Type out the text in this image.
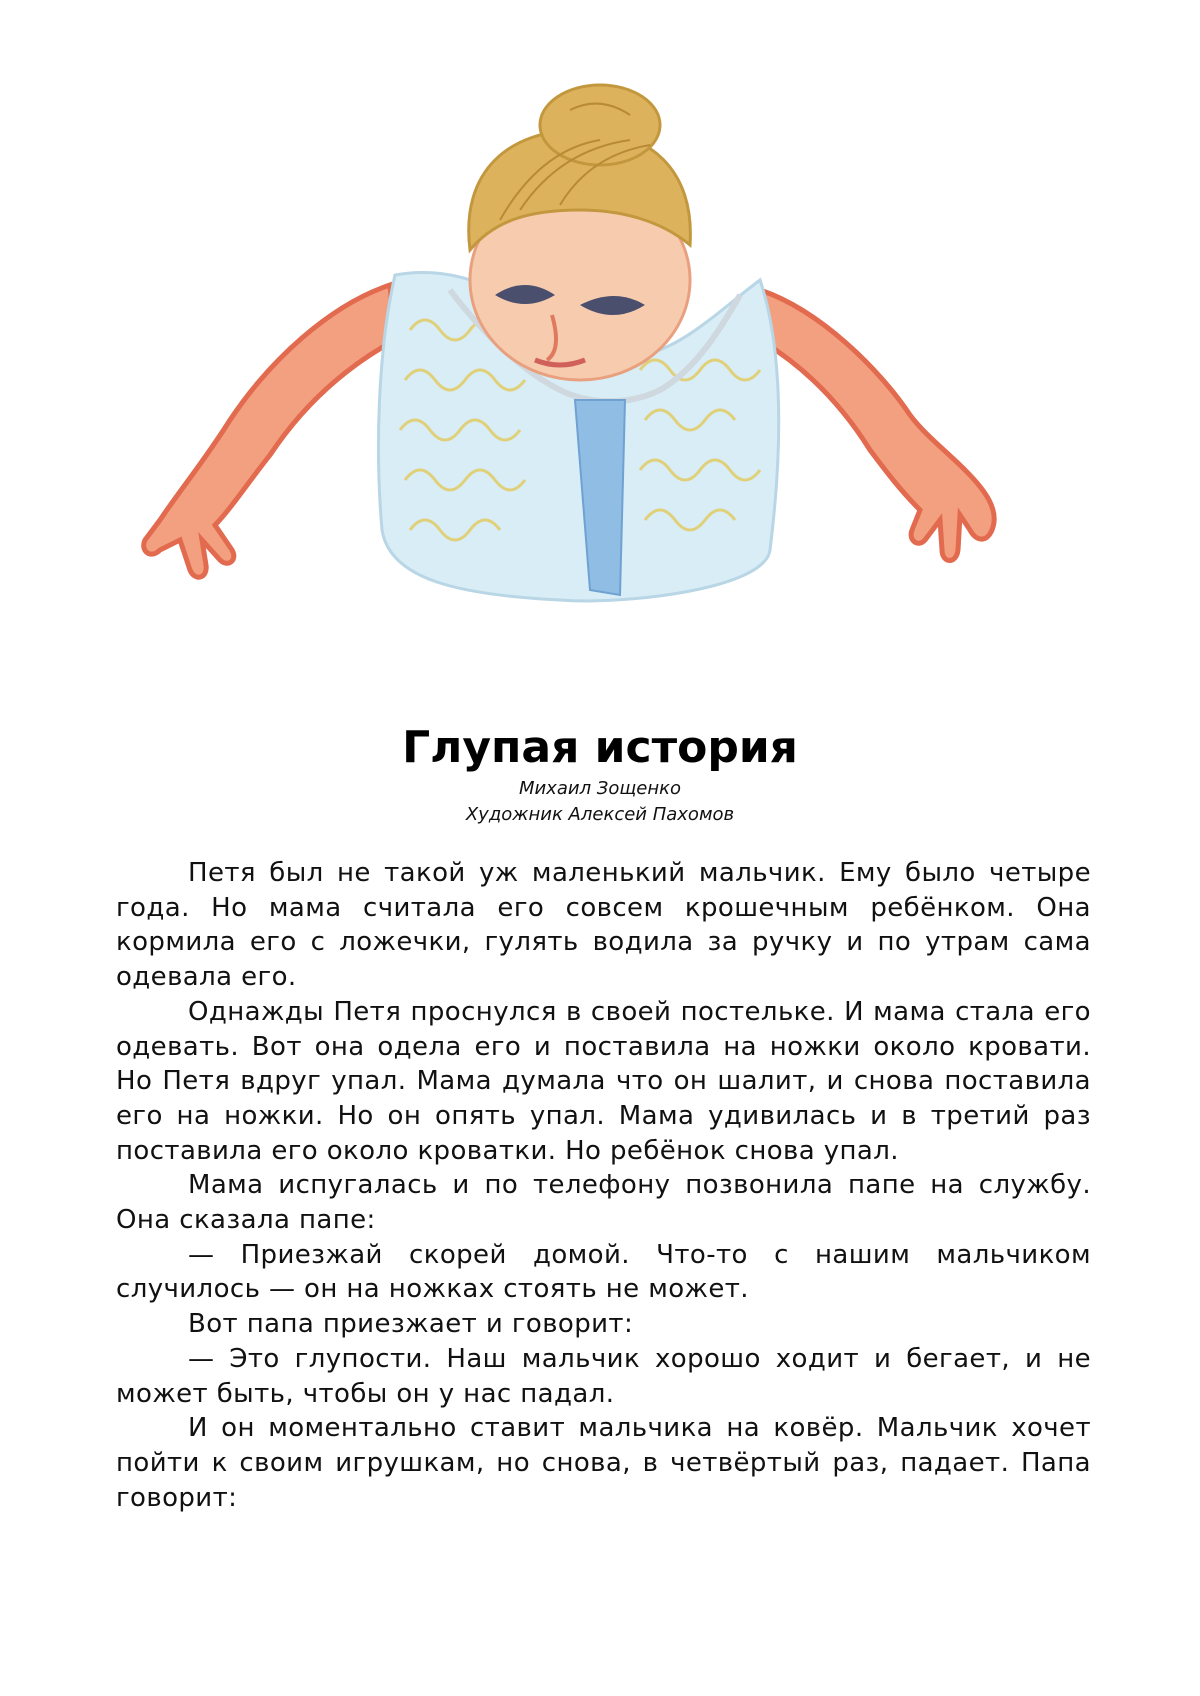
Глупая история
Михаил Зощенко
Художник Алексей Пахомов

Петя был не такой уж маленький мальчик. Ему было четыре года. Но мама считала его совсем крошечным ребёнком. Она кормила его с ложечки, гулять водила за ручку и по утрам сама одевала его.

Однажды Петя проснулся в своей постельке. И мама стала его одевать. Вот она одела его и поставила на ножки около кровати. Но Петя вдруг упал. Мама думала что он шалит, и снова поставила его на ножки. Но он опять упал. Мама удивилась и в третий раз поставила его около кроватки. Но ребёнок снова упал.

Мама испугалась и по телефону позвонила папе на службу. Она сказала папе:

— Приезжай скорей домой. Что-то с нашим мальчиком случилось — он на ножках стоять не может.

Вот папа приезжает и говорит:

— Это глупости. Наш мальчик хорошо ходит и бегает, и не может быть, чтобы он у нас падал.

И он моментально ставит мальчика на ковёр. Мальчик хочет пойти к своим игрушкам, но снова, в четвёртый раз, падает. Папа говорит:
